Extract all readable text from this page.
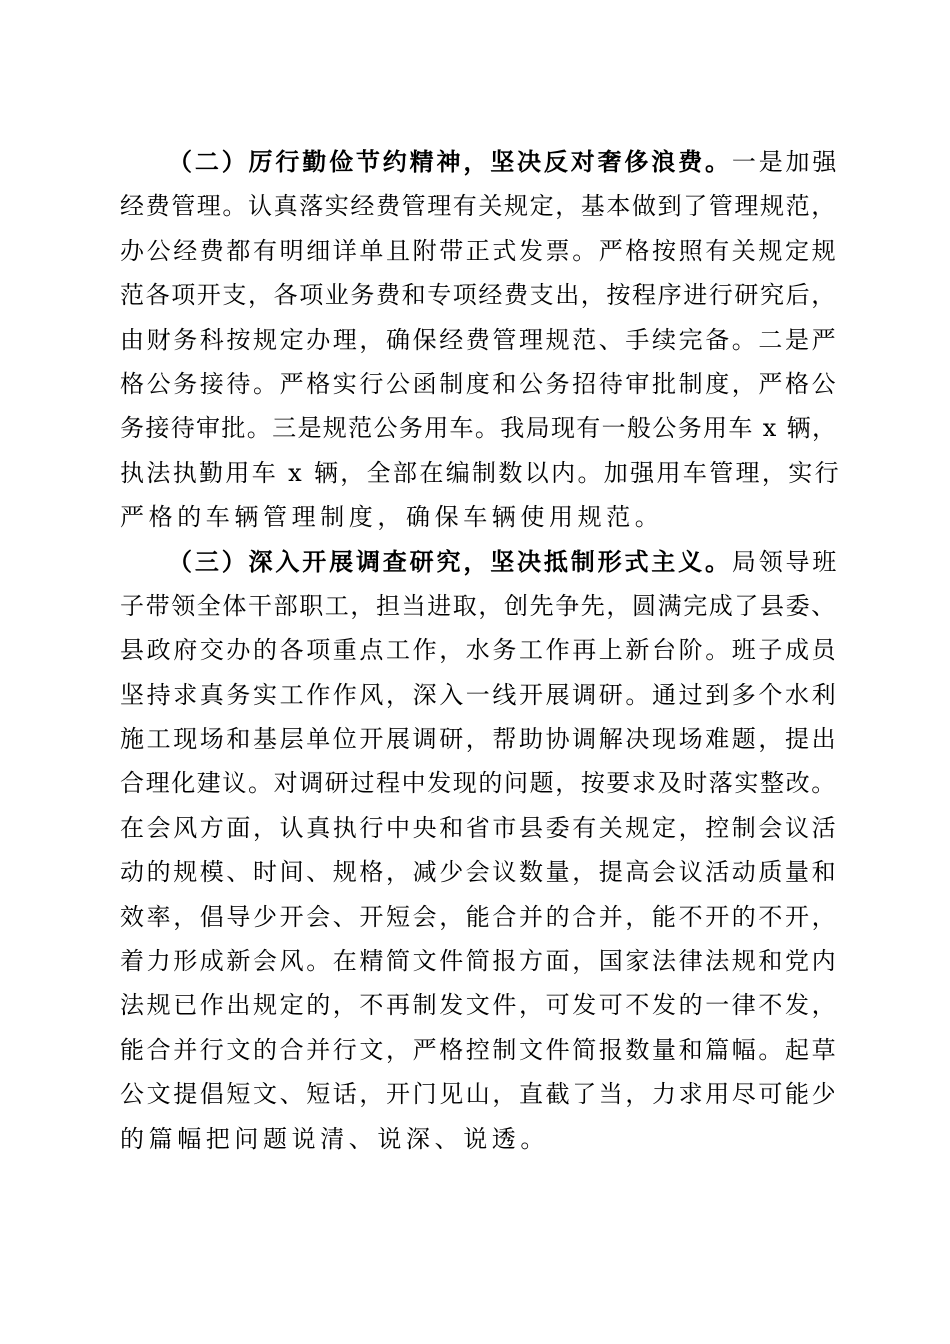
（二）厉行勤俭节约精神，坚决反对奢侈浪费。一是加强
经费管理。认真落实经费管理有关规定，基本做到了管理规范，
办公经费都有明细详单且附带正式发票。严格按照有关规定规
范各项开支，各项业务费和专项经费支出，按程序进行研究后，
由财务科按规定办理，确保经费管理规范、手续完备。二是严
格公务接待。严格实行公函制度和公务招待审批制度，严格公
务接待审批。三是规范公务用车。我局现有一般公务用车 x 辆，
执法执勤用车 x 辆，全部在编制数以内。加强用车管理，实行
严格的车辆管理制度，确保车辆使用规范。
（三）深入开展调查研究，坚决抵制形式主义。局领导班
子带领全体干部职工，担当进取，创先争先，圆满完成了县委、
县政府交办的各项重点工作，水务工作再上新台阶。班子成员
坚持求真务实工作作风，深入一线开展调研。通过到多个水利
施工现场和基层单位开展调研，帮助协调解决现场难题，提出
合理化建议。对调研过程中发现的问题，按要求及时落实整改。
在会风方面，认真执行中央和省市县委有关规定，控制会议活
动的规模、时间、规格，减少会议数量，提高会议活动质量和
效率，倡导少开会、开短会，能合并的合并，能不开的不开，
着力形成新会风。在精简文件简报方面，国家法律法规和党内
法规已作出规定的，不再制发文件，可发可不发的一律不发，
能合并行文的合并行文，严格控制文件简报数量和篇幅。起草
公文提倡短文、短话，开门见山，直截了当，力求用尽可能少
的篇幅把问题说清、说深、说透。
